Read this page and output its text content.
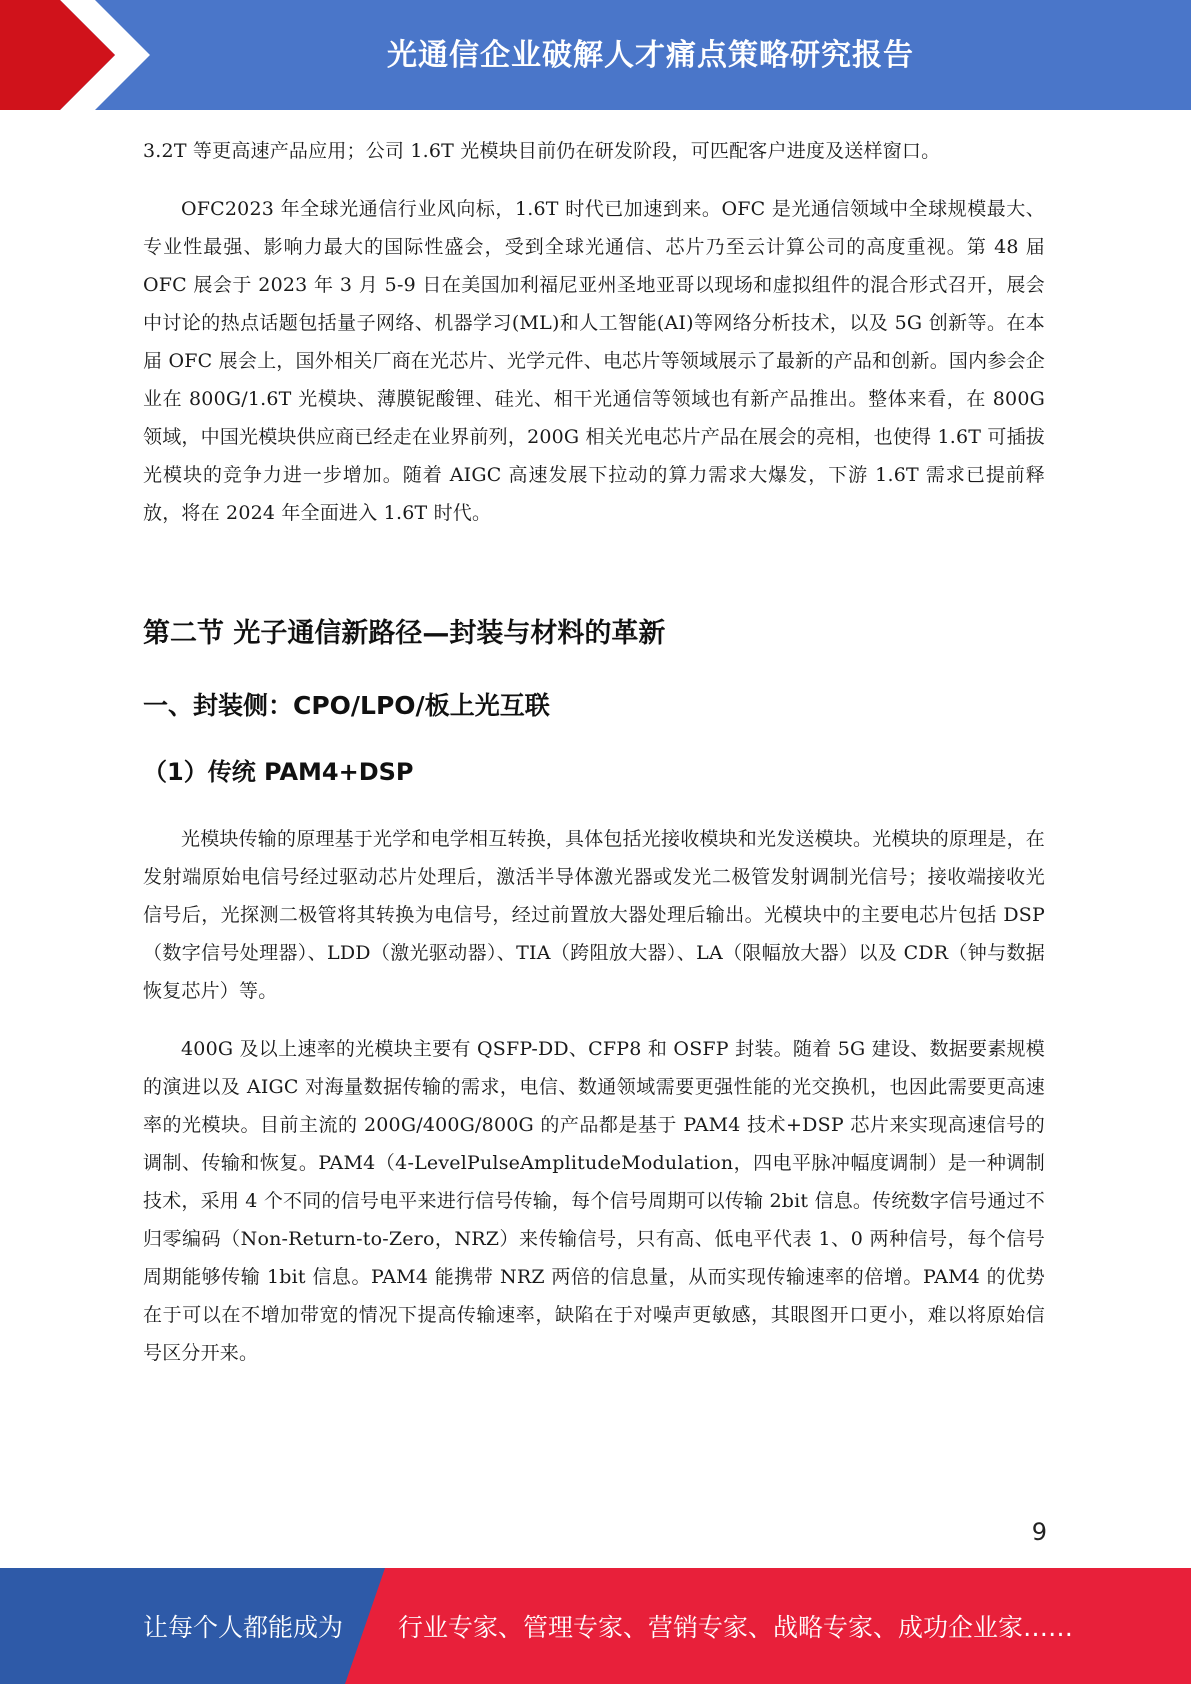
光通信企业破解人才痛点策略研究报告

3.2T 等更高速产品应用；公司 1.6T 光模块目前仍在研发阶段，可匹配客户进度及送样窗口。

OFC2023 年全球光通信行业风向标，1.6T 时代已加速到来。OFC 是光通信领域中全球规模最大、专业性最强、影响力最大的国际性盛会，受到全球光通信、芯片乃至云计算公司的高度重视。第 48 届 OFC 展会于 2023 年 3 月 5-9 日在美国加利福尼亚州圣地亚哥以现场和虚拟组件的混合形式召开，展会中讨论的热点话题包括量子网络、机器学习(ML)和人工智能(AI)等网络分析技术，以及 5G 创新等。在本届 OFC 展会上，国外相关厂商在光芯片、光学元件、电芯片等领域展示了最新的产品和创新。国内参会企业在 800G/1.6T 光模块、薄膜铌酸锂、硅光、相干光通信等领域也有新产品推出。整体来看，在 800G 领域，中国光模块供应商已经走在业界前列，200G 相关光电芯片产品在展会的亮相，也使得 1.6T 可插拔光模块的竞争力进一步增加。随着 AIGC 高速发展下拉动的算力需求大爆发，下游 1.6T 需求已提前释放，将在 2024 年全面进入 1.6T 时代。

第二节 光子通信新路径—封装与材料的革新
一、封装侧：CPO/LPO/板上光互联
（1）传统 PAM4+DSP

光模块传输的原理基于光学和电学相互转换，具体包括光接收模块和光发送模块。光模块的原理是，在发射端原始电信号经过驱动芯片处理后，激活半导体激光器或发光二极管发射调制光信号；接收端接收光信号后，光探测二极管将其转换为电信号，经过前置放大器处理后输出。光模块中的主要电芯片包括 DSP（数字信号处理器）、LDD（激光驱动器）、TIA（跨阻放大器）、LA（限幅放大器）以及 CDR（钟与数据恢复芯片）等。

400G 及以上速率的光模块主要有 QSFP-DD、CFP8 和 OSFP 封装。随着 5G 建设、数据要素规模的演进以及 AIGC 对海量数据传输的需求，电信、数通领域需要更强性能的光交换机，也因此需要更高速率的光模块。目前主流的 200G/400G/800G 的产品都是基于 PAM4 技术+DSP 芯片来实现高速信号的调制、传输和恢复。PAM4（4-LevelPulseAmplitudeModulation，四电平脉冲幅度调制）是一种调制技术，采用 4 个不同的信号电平来进行信号传输，每个信号周期可以传输 2bit 信息。传统数字信号通过不归零编码（Non-Return-to-Zero，NRZ）来传输信号，只有高、低电平代表 1、0 两种信号，每个信号周期能够传输 1bit 信息。PAM4 能携带 NRZ 两倍的信息量，从而实现传输速率的倍增。PAM4 的优势在于可以在不增加带宽的情况下提高传输速率，缺陷在于对噪声更敏感，其眼图开口更小，难以将原始信号区分开来。

9
让每个人都能成为 行业专家、管理专家、营销专家、战略专家、成功企业家……
